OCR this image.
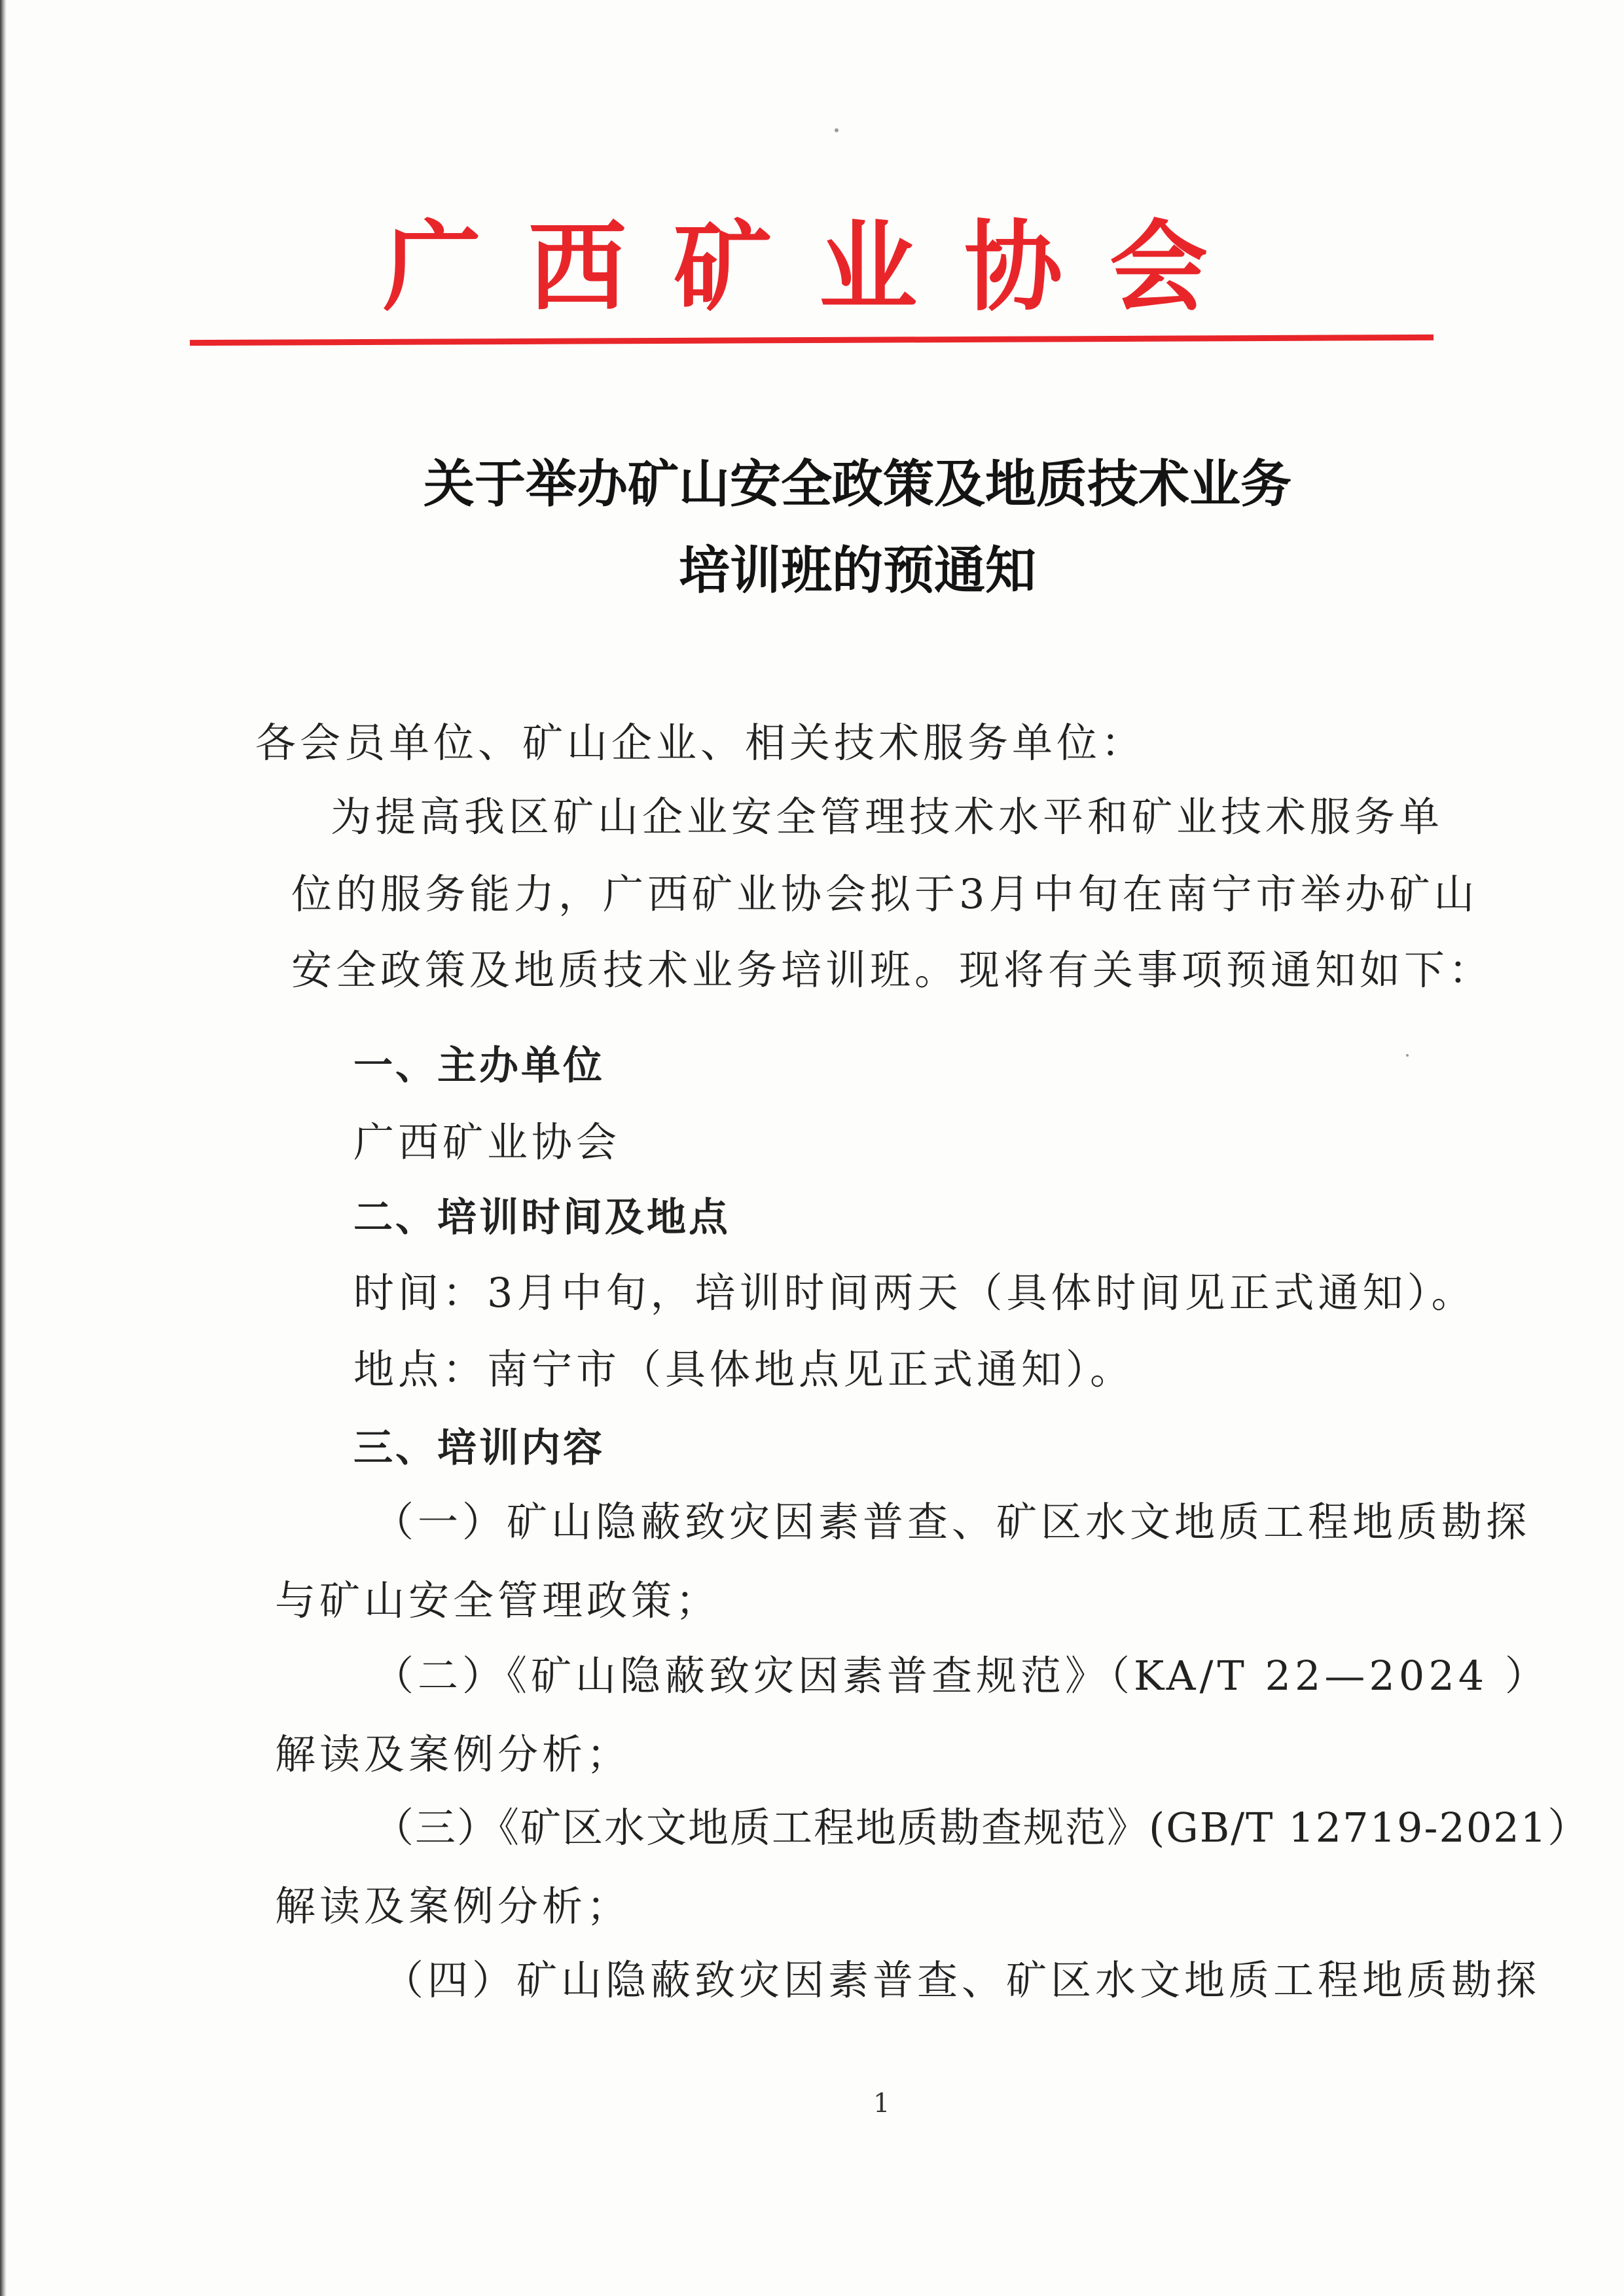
广西矿业协会
关于举办矿山安全政策及地质技术业务
培训班的预通知
各会员单位、矿山企业、相关技术服务单位：
为提高我区矿山企业安全管理技术水平和矿业技术服务单
位的服务能力，广西矿业协会拟于3月中旬在南宁市举办矿山
安全政策及地质技术业务培训班。现将有关事项预通知如下：
一、主办单位
广西矿业协会
二、培训时间及地点
时间：3月中旬，培训时间两天（具体时间见正式通知）。
地点：南宁市（具体地点见正式通知）。
三、培训内容
（一）矿山隐蔽致灾因素普查、矿区水文地质工程地质勘探
与矿山安全管理政策；
（二）《矿山隐蔽致灾因素普查规范》（KA/T 22—2024 ）
解读及案例分析；
（三）《矿区水文地质工程地质勘查规范》(GB/T 12719-2021）
解读及案例分析；
（四）矿山隐蔽致灾因素普查、矿区水文地质工程地质勘探
1
